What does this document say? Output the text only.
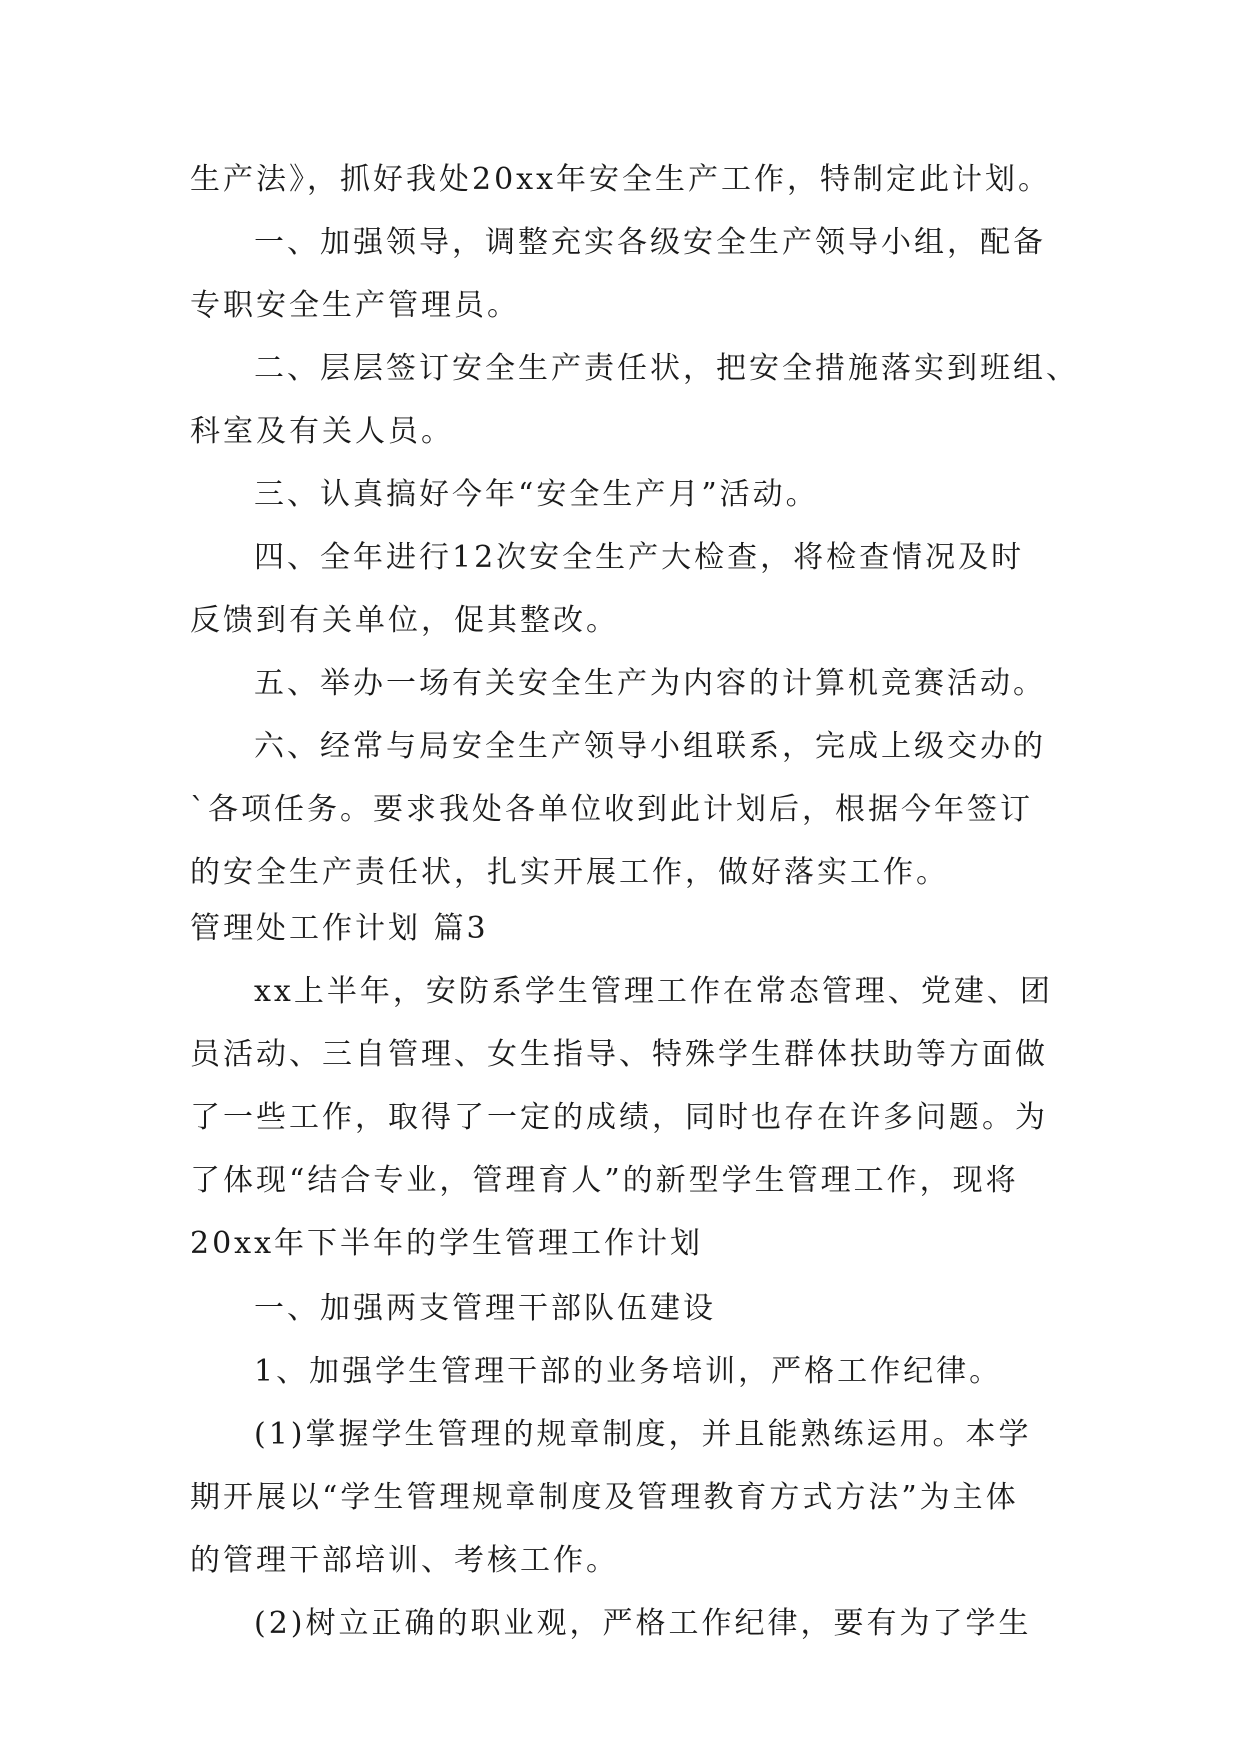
生产法》，抓好我处20xx年安全生产工作，特制定此计划。
一、加强领导，调整充实各级安全生产领导小组，配备
专职安全生产管理员。
二、层层签订安全生产责任状，把安全措施落实到班组、
科室及有关人员。
三、认真搞好今年“安全生产月”活动。
四、全年进行12次安全生产大检查，将检查情况及时
反馈到有关单位，促其整改。
五、举办一场有关安全生产为内容的计算机竞赛活动。
六、经常与局安全生产领导小组联系，完成上级交办的
`各项任务。要求我处各单位收到此计划后，根据今年签订
的安全生产责任状，扎实开展工作，做好落实工作。
管理处工作计划 篇3
xx上半年，安防系学生管理工作在常态管理、党建、团
员活动、三自管理、女生指导、特殊学生群体扶助等方面做
了一些工作，取得了一定的成绩，同时也存在许多问题。为
了体现“结合专业，管理育人”的新型学生管理工作，现将
20xx年下半年的学生管理工作计划
一、加强两支管理干部队伍建设
1、加强学生管理干部的业务培训，严格工作纪律。
(1)掌握学生管理的规章制度，并且能熟练运用。本学
期开展以“学生管理规章制度及管理教育方式方法”为主体
的管理干部培训、考核工作。
(2)树立正确的职业观，严格工作纪律，要有为了学生
